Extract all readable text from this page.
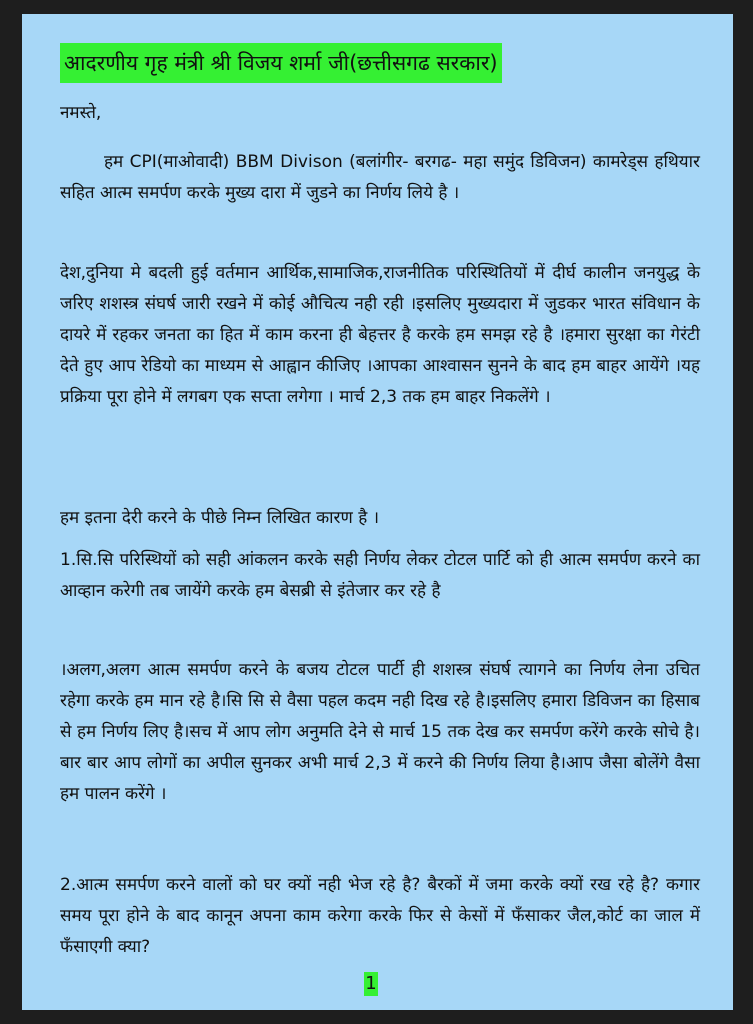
आदरणीय गृह मंत्री श्री विजय शर्मा जी(छत्तीसगढ सरकार)
नमस्ते,

हम CPI(माओवादी) BBM Divison (बलांगीर- बरगढ- महा समुंद डिविजन) कामरेड्स हथियार सहित आत्म समर्पण करके मुख्य दारा में जुडने का निर्णय लिये है ।

देश,दुनिया मे बदली हुई वर्तमान आर्थिक,सामाजिक,राजनीतिक परिस्थितियों में दीर्घ कालीन जनयुद्ध के जरिए शशस्त्र संघर्ष जारी रखने में कोई औचित्य नही रही ।इसलिए मुख्यदारा में जुडकर भारत संविधान के दायरे में रहकर जनता का हित में काम करना ही बेहत्तर है करके हम समझ रहे है ।हमारा सुरक्षा का गेरंटी देते हुए आप रेडियो का माध्यम से आह्वान कीजिए ।आपका आश्वासन सुनने के बाद हम बाहर आयेंगे ।यह प्रक्रिया पूरा होने में लगबग एक सप्ता लगेगा । मार्च 2,3 तक हम बाहर निकलेंगे ।

हम इतना देरी करने के पीछे निम्न लिखित कारण है ।

1.सि.सि परिस्थियों को सही आंकलन करके सही निर्णय लेकर टोटल पार्टि को ही आत्म समर्पण करने का आव्हान करेगी तब जायेंगे करके हम बेसब्री से इंतेजार कर रहे है

।अलग,अलग आत्म समर्पण करने के बजय टोटल पार्टी ही शशस्त्र संघर्ष त्यागने का निर्णय लेना उचित रहेगा करके हम मान रहे है।सि सि से वैसा पहल कदम नही दिख रहे है।इसलिए हमारा डिविजन का हिसाब से हम निर्णय लिए है।सच में आप लोग अनुमति देने से मार्च 15 तक देख कर समर्पण करेंगे करके सोचे है।बार बार आप लोगों का अपील सुनकर अभी मार्च 2,3 में करने की निर्णय लिया है।आप जैसा बोलेंगे वैसा हम पालन करेंगे ।

2.आत्म समर्पण करने वालों को घर क्यों नही भेज रहे है? बैरकों में जमा करके क्यों रख रहे है? कगार समय पूरा होने के बाद कानून अपना काम करेगा करके फिर से केसों में फँसाकर जैल,कोर्ट का जाल में फँसाएगी क्या?

1
